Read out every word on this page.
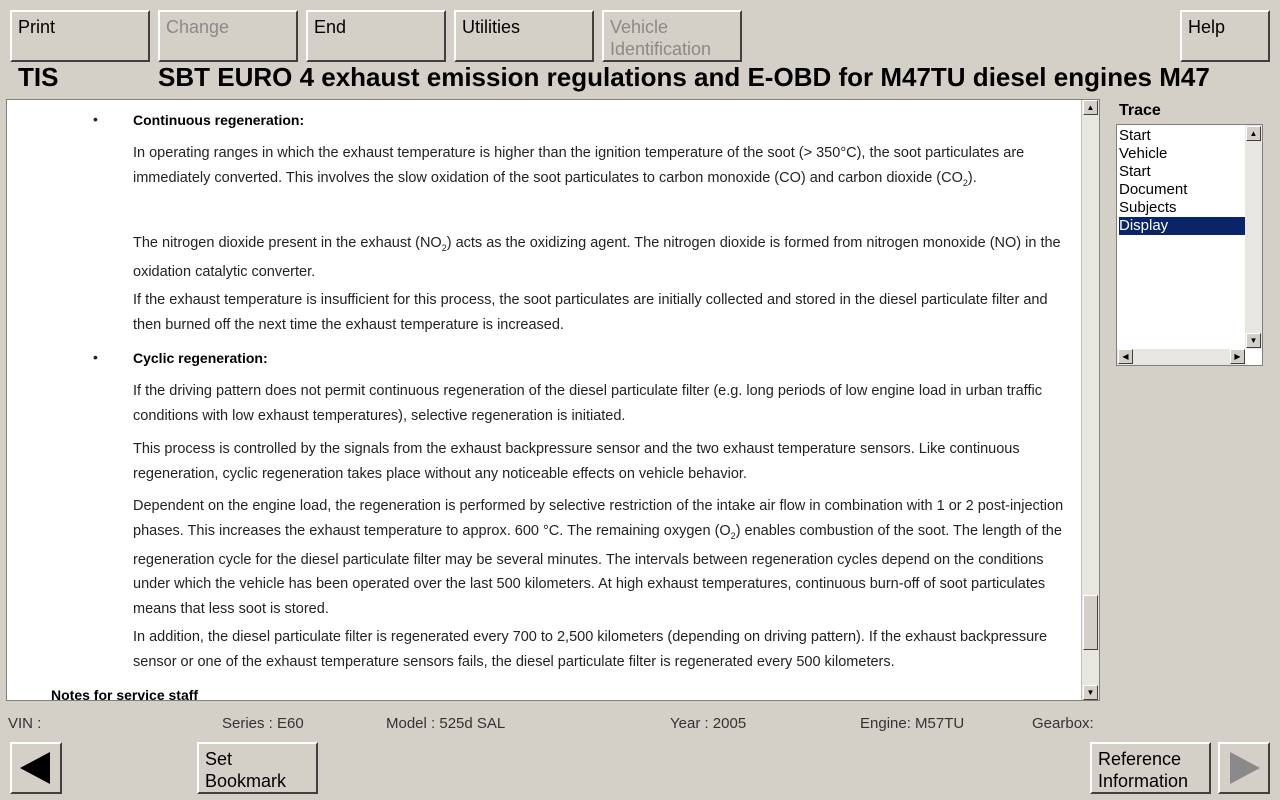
Print	Change	End	Utilities	Vehicle
Identification
Help
TIS	SBT EURO 4 exhaust emission regulations and E-OBD for M47TU diesel engines M47
•	Continuous regeneration:
In operating ranges in which the exhaust temperature is higher than the ignition temperature of the soot (> 350°C), the soot particulates are immediately converted. This involves the slow oxidation of the soot particulates to carbon monoxide (CO) and carbon dioxide $(CO_2)$.
The nitrogen dioxide present in the exhaust $(NO_2)$ acts as the oxidizing agent. The nitrogen dioxide is formed from nitrogen monoxide (NO) in the oxidation catalytic converter.
If the exhaust temperature is insufficient for this process, the soot particulates are initially collected and stored in the diesel particulate filter and then burned off the next time the exhaust temperature is increased.
•	Cyclic regeneration:
If the driving pattern does not permit continuous regeneration of the diesel particulate filter (e.g. long periods of low engine load in urban traffic conditions with low exhaust temperatures), selective regeneration is initiated.
This process is controlled by the signals from the exhaust backpressure sensor and the two exhaust temperature sensors. Like continuous regeneration, cyclic regeneration takes place without any noticeable effects on vehicle behavior.
Dependent on the engine load, the regeneration is performed by selective restriction of the intake air flow in combination with 1 or 2 post-injection phases. This increases the exhaust temperature to approx. 600 °C. The remaining oxygen $(O_2)$ enables combustion of the soot. The length of the regeneration cycle for the diesel particulate filter may be several minutes. The intervals between regeneration cycles depend on the conditions under which the vehicle has been operated over the last 500 kilometers. At high exhaust temperatures, continuous burn-off of soot particulates means that less soot is stored.
In addition, the diesel particulate filter is regenerated every 700 to 2,500 kilometers (depending on driving pattern). If the exhaust backpressure sensor or one of the exhaust temperature sensors fails, the diesel particulate filter is regenerated every 500 kilometers.
Notes for service staff
▲
▼
Trace
Start
Vehicle
Start
Document
Subjects
Display
▲
▼
◀	▶
VIN :	Series : E60	Model : 525d SAL	Year : 2005	Engine: M57TU	Gearbox:
Set
Bookmark
Reference
Information
